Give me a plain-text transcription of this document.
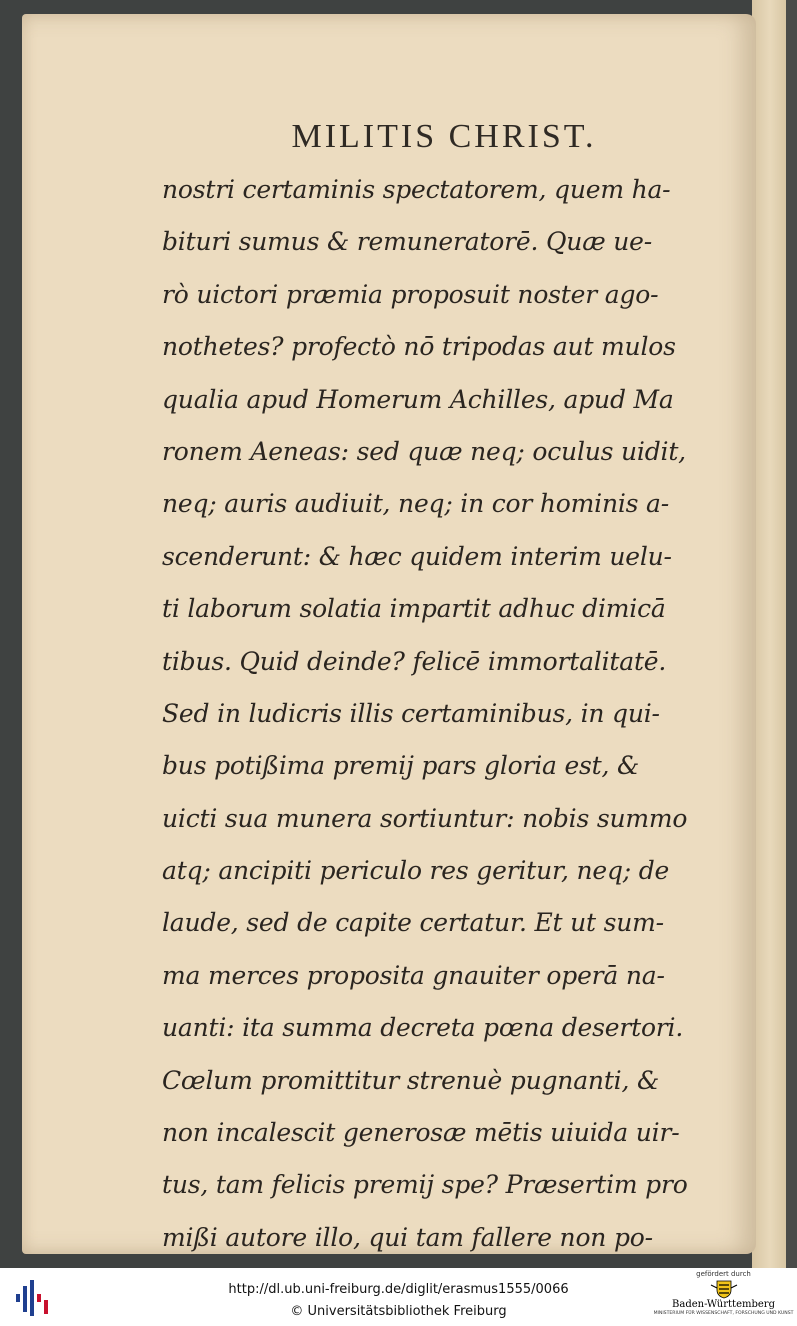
MILITIS CHRIST.
nostri certaminis spectatorem, quem ha-
bituri sumus & remuneratorē. Quæ ue-
rò uictori præmia proposuit noster ago-
nothetes? profectò nō tripodas aut mulos
qualia apud Homerum Achilles, apud Ma
ronem Aeneas: sed quæ neq; oculus uidit,
neq; auris audiuit, neq; in cor hominis a-
scenderunt: & hæc quidem interim uelu-
ti laborum solatia impartit adhuc dimicā
tibus. Quid deinde? felicē immortalitatē.
Sed in ludicris illis certaminibus, in qui-
bus potißima premij pars gloria est, &
uicti sua munera sortiuntur: nobis summo
atq; ancipiti periculo res geritur, neq; de
laude, sed de capite certatur. Et ut sum-
ma merces proposita gnauiter operā na-
uanti: ita summa decreta pœna desertori.
Cœlum promittitur strenuè pugnanti, &
non incalescit generosæ mētis uiuida uir-
tus, tam felicis premij spe? Præsertim pro
mißi autore illo, qui tam fallere non po-
http://dl.ub.uni-freiburg.de/diglit/erasmus1555/0066
© Universitätsbibliothek Freiburg
gefördert durch
Baden-Württemberg
MINISTERIUM FÜR WISSENSCHAFT, FORSCHUNG UND KUNST
